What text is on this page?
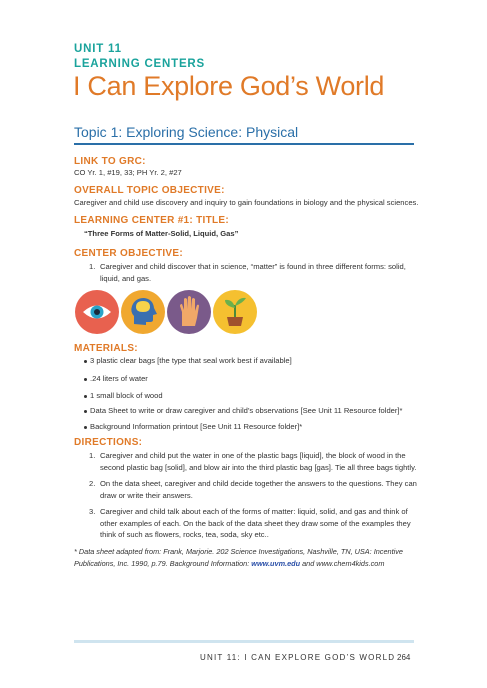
UNIT 11
LEARNING CENTERS
I Can Explore God’s World
Topic 1: Exploring Science: Physical
LINK TO GRC:
CO Yr. 1, #19, 33; PH Yr. 2, #27
OVERALL TOPIC OBJECTIVE:
Caregiver and child use discovery and inquiry to gain foundations in biology and the physical sciences.
LEARNING CENTER #1: TITLE:
“Three Forms of Matter-Solid, Liquid, Gas”
CENTER OBJECTIVE:
1. Caregiver and child discover that in science, “matter” is found in three different forms: solid,
liquid, and gas.
MATERIALS:
3 plastic clear bags [the type that seal work best if available]
.24 liters of water
1 small block of wood
Data Sheet to write or draw caregiver and child’s observations [See Unit 11 Resource folder]*
Background Information printout [See Unit 11 Resource folder]*
DIRECTIONS:
1. Caregiver and child put the water in one of the plastic bags [liquid], the block of wood in the
second plastic bag [solid], and blow air into the third plastic bag [gas]. Tie all three bags tightly.
2. On the data sheet, caregiver and child decide together the answers to the questions. They can
draw or write their answers.
3. Caregiver and child talk about each of the forms of matter: liquid, solid, and gas and think of
other examples of each. On the back of the data sheet they draw some of the examples they
think of such as flowers, rocks, tea, soda, sky etc..
* Data sheet adapted from: Frank, Marjorie. 202 Science Investigations, Nashville, TN, USA: Incentive Publications, Inc. 1990, p.79. Background Information: www.uvm.edu and www.chem4kids.com
UNIT 11: I CAN EXPLORE GOD’S WORLD 264
